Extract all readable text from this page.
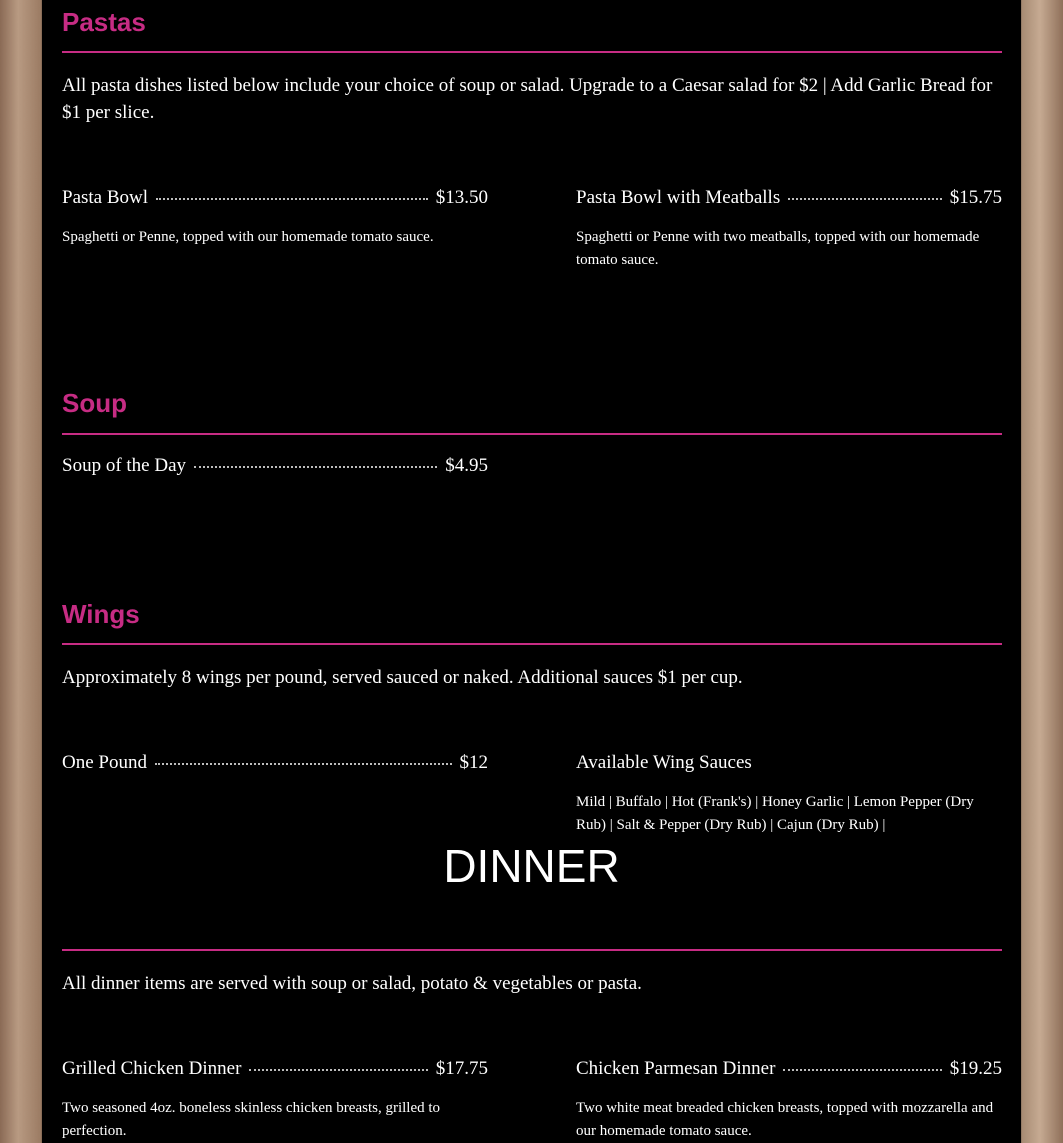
Pastas
All pasta dishes listed below include your choice of soup or salad. Upgrade to a Caesar salad for $2 | Add Garlic Bread for $1 per slice.
Pasta Bowl	$13.50
Spaghetti or Penne, topped with our homemade tomato sauce.
Pasta Bowl with Meatballs	$15.75
Spaghetti or Penne with two meatballs, topped with our homemade tomato sauce.
Soup
Soup of the Day	$4.95
Wings
Approximately 8 wings per pound, served sauced or naked. Additional sauces $1 per cup.
One Pound	$12	Available Wing Sauces
Mild | Buffalo | Hot (Frank's) | Honey Garlic | Lemon Pepper (Dry Rub) | Salt & Pepper (Dry Rub) | Cajun (Dry Rub) |
DINNER
All dinner items are served with soup or salad, potato & vegetables or pasta.
Grilled Chicken Dinner	$17.75
Two seasoned 4oz. boneless skinless chicken breasts, grilled to perfection.
Chicken Parmesan Dinner	$19.25
Two white meat breaded chicken breasts, topped with mozzarella and our homemade tomato sauce.
